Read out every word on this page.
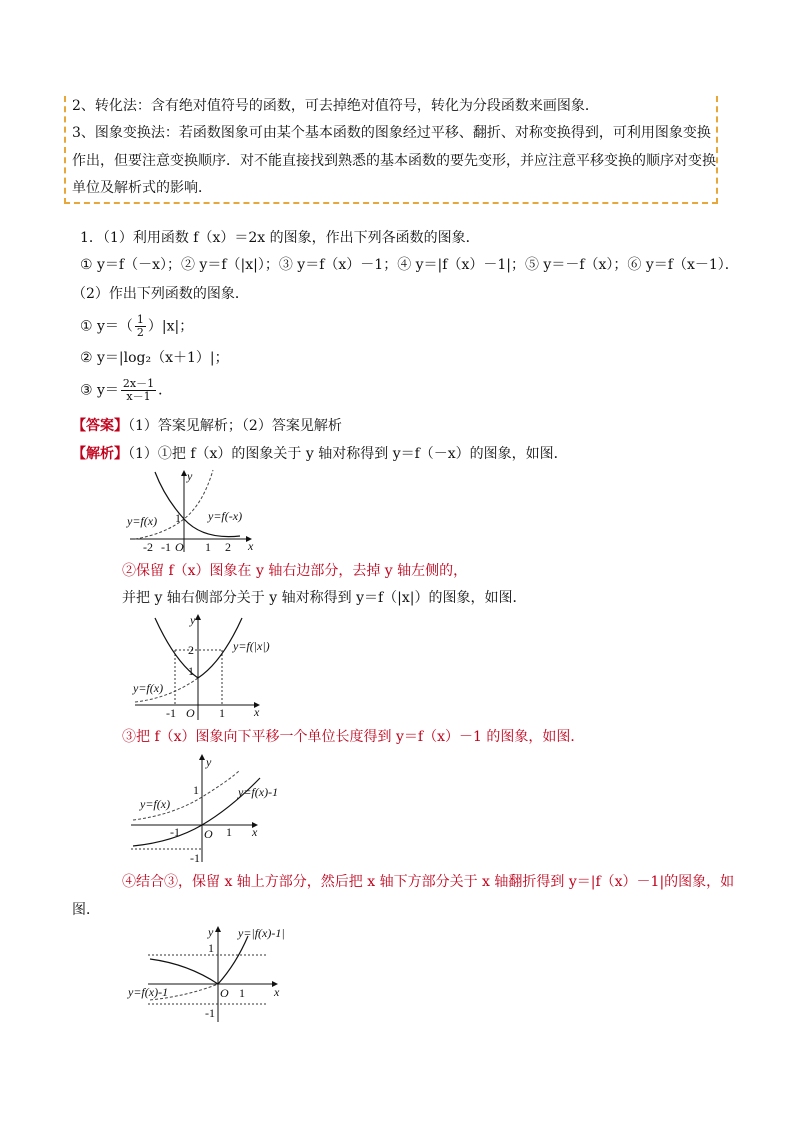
2、转化法：含有绝对值符号的函数，可去掉绝对值符号，转化为分段函数来画图象．
3、图象变换法：若函数图象可由某个基本函数的图象经过平移、翻折、对称变换得到，可利用图象变换
作出，但要注意变换顺序．对不能直接找到熟悉的基本函数的要先变形，并应注意平移变换的顺序对变换
单位及解析式的影响．
1．（1）利用函数 f（x）＝2x 的图象，作出下列各函数的图象．
① y＝f（－x）；② y＝f（|x|）；③ y＝f（x）－1；④ y＝|f（x）－1|；⑤ y＝－f（x）；⑥ y＝f（x－1）．
（2）作出下列函数的图象．
① $y=( \frac{1}{2} )|x|$；
② y＝|log₂（x＋1）|；
③ $y= \frac{2x-1}{x-1}$ ．
【答案】（1）答案见解析；（2）答案见解析
【解析】（1）①把 f（x）的图象关于 y 轴对称得到 y＝f（－x）的图象，如图．
y
x
O
1
y=f(x)	y=f(-x)
-2 -1	1 2
②保留 f（x）图象在 y 轴右边部分，去掉 y 轴左侧的，
并把 y 轴右侧部分关于 y 轴对称得到 y＝f（|x|）的图象，如图．
y
x
O
2
1
y=f(x)
y=f(|x|)
-1	1
③把 f（x）图象向下平移一个单位长度得到 y＝f（x）－1 的图象，如图．
y
x
O
1
-1
y=f(x)
y=f(x)-1
-1	1
④结合③，保留 x 轴上方部分，然后把 x 轴下方部分关于 x 轴翻折得到 y＝|f（x）－1|的图象，如
图．
y
x
O
1
-1
y=f(x)-1
y=|f(x)-1|
1
